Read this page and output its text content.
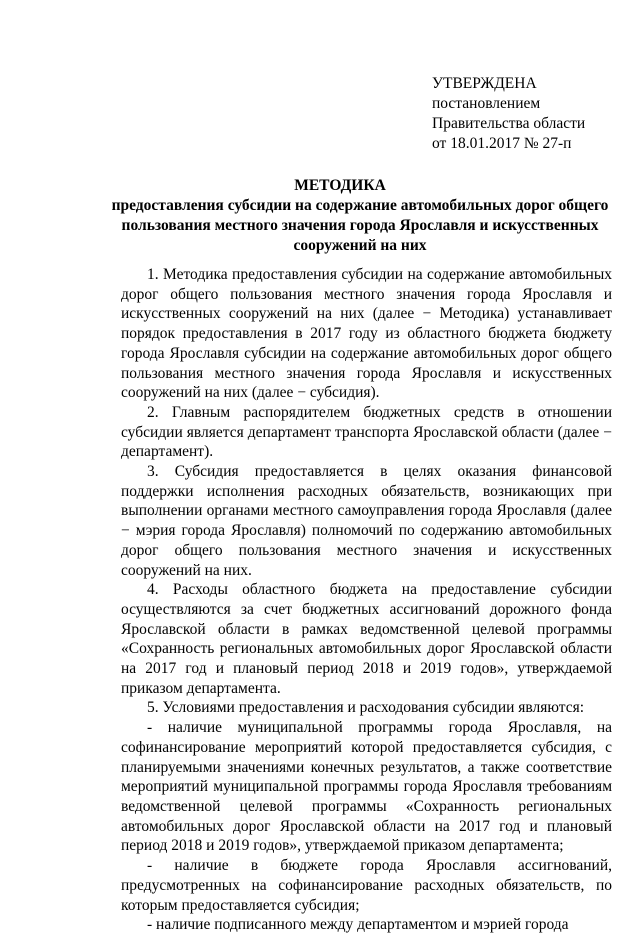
УТВЕРЖДЕНА
постановлением
Правительства области
от 18.01.2017 № 27-п
МЕТОДИКА
предоставления субсидии на содержание автомобильных дорог общего пользования местного значения города Ярославля и искусственных сооружений на них

1. Методика предоставления субсидии на содержание автомобильных дорог общего пользования местного значения города Ярославля и искусственных сооружений на них (далее − Методика) устанавливает порядок предоставления в 2017 году из областного бюджета бюджету города Ярославля субсидии на содержание автомобильных дорог общего пользования местного значения города Ярославля и искусственных сооружений на них (далее − субсидия).

2. Главным распорядителем бюджетных средств в отношении субсидии является департамент транспорта Ярославской области (далее − департамент).

3. Субсидия предоставляется в целях оказания финансовой поддержки исполнения расходных обязательств, возникающих при выполнении органами местного самоуправления города Ярославля (далее − мэрия города Ярославля) полномочий по содержанию автомобильных дорог общего пользования местного значения и искусственных сооружений на них.

4. Расходы областного бюджета на предоставление субсидии осуществляются за счет бюджетных ассигнований дорожного фонда Ярославской области в рамках ведомственной целевой программы «Сохранность региональных автомобильных дорог Ярославской области на 2017 год и плановый период 2018 и 2019 годов», утверждаемой приказом департамента.

5. Условиями предоставления и расходования субсидии являются:

- наличие муниципальной программы города Ярославля, на софинансирование мероприятий которой предоставляется субсидия, с планируемыми значениями конечных результатов, а также соответствие мероприятий муниципальной программы города Ярославля требованиям ведомственной целевой программы «Сохранность региональных автомобильных дорог Ярославской области на 2017 год и плановый период 2018 и 2019 годов», утверждаемой приказом департамента;

- наличие в бюджете города Ярославля ассигнований, предусмотренных на софинансирование расходных обязательств, по которым предоставляется субсидия;

- наличие подписанного между департаментом и мэрией города
